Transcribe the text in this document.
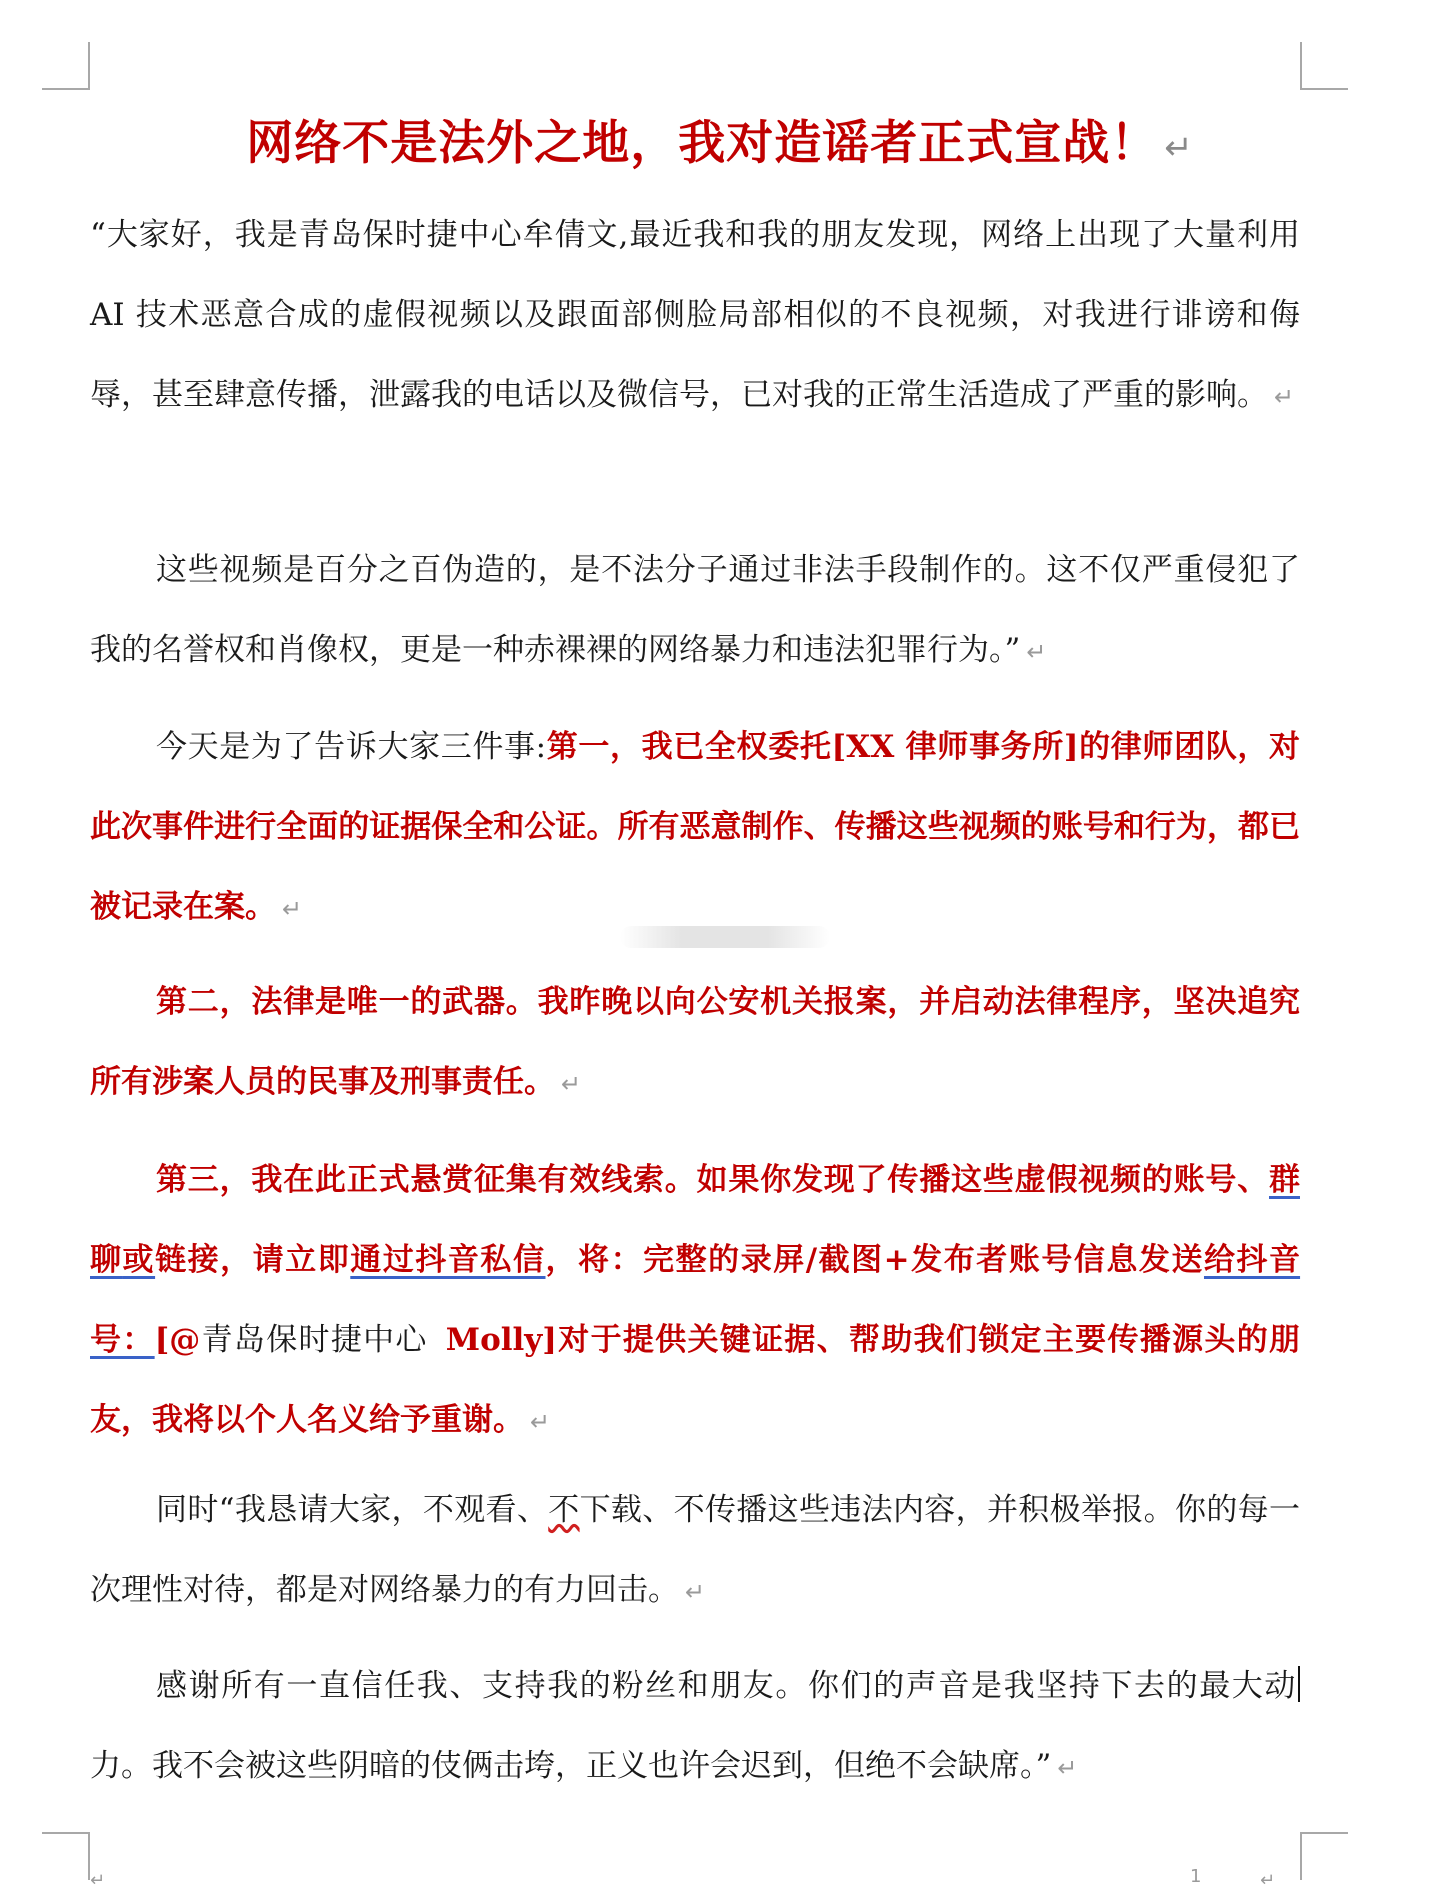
网络不是法外之地，我对造谣者正式宣战！ ↵

“大家好，我是青岛保时捷中心牟倩文,最近我和我的朋友发现，网络上出现了大量利用 AI 技术恶意合成的虚假视频以及跟面部侧脸局部相似的不良视频，对我进行诽谤和侮辱，甚至肆意传播，泄露我的电话以及微信号，已对我的正常生活造成了严重的影响。 ↵

这些视频是百分之百伪造的，是不法分子通过非法手段制作的。这不仅严重侵犯了我的名誉权和肖像权，更是一种赤裸裸的网络暴力和违法犯罪行为。” ↵

今天是为了告诉大家三件事:第一，我已全权委托[XX 律师事务所]的律师团队，对此次事件进行全面的证据保全和公证。所有恶意制作、传播这些视频的账号和行为，都已被记录在案。 ↵

第二，法律是唯一的武器。我昨晚以向公安机关报案，并启动法律程序，坚决追究所有涉案人员的民事及刑事责任。 ↵

第三，我在此正式悬赏征集有效线索。如果你发现了传播这些虚假视频的账号、群聊或链接，请立即通过抖音私信，将：完整的录屏/截图+发布者账号信息发送给抖音号：[@青岛保时捷中心 Molly]对于提供关键证据、帮助我们锁定主要传播源头的朋友，我将以个人名义给予重谢。 ↵

同时“我恳请大家，不观看、不下载、不传播这些违法内容，并积极举报。你的每一次理性对待，都是对网络暴力的有力回击。 ↵

感谢所有一直信任我、支持我的粉丝和朋友。你们的声音是我坚持下去的最大动力。我不会被这些阴暗的伎俩击垮，正义也许会迟到，但绝不会缺席。” ↵

↵	1	↵
